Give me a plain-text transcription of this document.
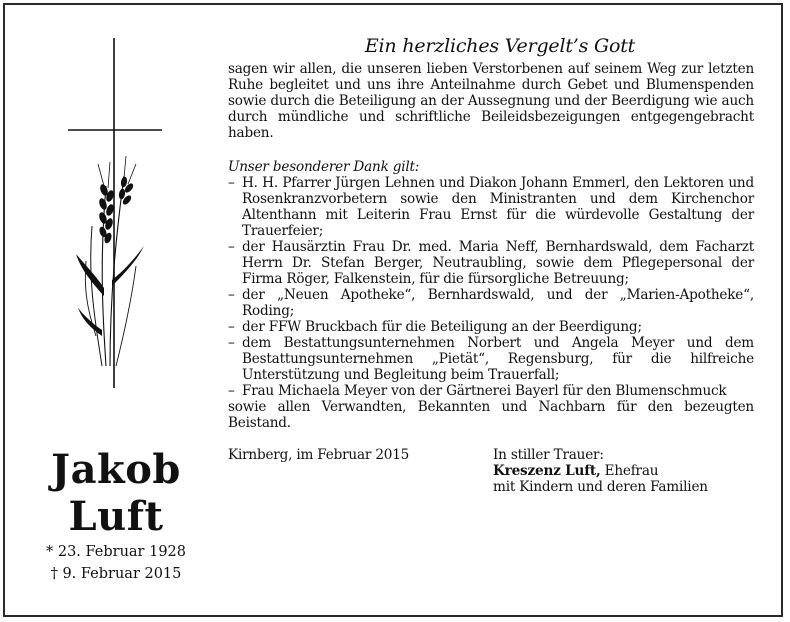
Jakob
Luft
* 23. Februar 1928
† 9. Februar 2015
Ein herzliches Vergelt’s Gott

sagen wir allen, die unseren lieben Verstorbenen auf seinem Weg zur letzten Ruhe begleitet und uns ihre Anteilnahme durch Gebet und Blumenspenden sowie durch die Beteiligung an der Aussegnung und der Beerdigung wie auch durch mündliche und schriftliche Beileidsbezeigungen entgegengebracht haben.

Unser besonderer Dank gilt:

– H. H. Pfarrer Jürgen Lehnen und Diakon Johann Emmerl, den Lektoren und Rosenkranzvorbetern sowie den Ministranten und dem Kirchenchor Altenthann mit Leiterin Frau Ernst für die würdevolle Gestaltung der Trauerfeier;
– der Hausärztin Frau Dr. med. Maria Neff, Bernhardswald, dem Facharzt Herrn Dr. Stefan Berger, Neutraubling, sowie dem Pflegepersonal der Firma Röger, Falkenstein, für die fürsorgliche Betreuung;
– der „Neuen Apotheke“, Bernhardswald, und der „Marien-Apotheke“, Roding;
– der FFW Bruckbach für die Beteiligung an der Beerdigung;
– dem Bestattungsunternehmen Norbert und Angela Meyer und dem Bestattungsunternehmen „Pietät“, Regensburg, für die hilfreiche Unterstützung und Begleitung beim Trauerfall;
– Frau Michaela Meyer von der Gärtnerei Bayerl für den Blumenschmuck

sowie allen Verwandten, Bekannten und Nachbarn für den bezeugten Beistand.

Kirnberg, im Februar 2015	In stiller Trauer:
Kreszenz Luft, Ehefrau
mit Kindern und deren Familien
